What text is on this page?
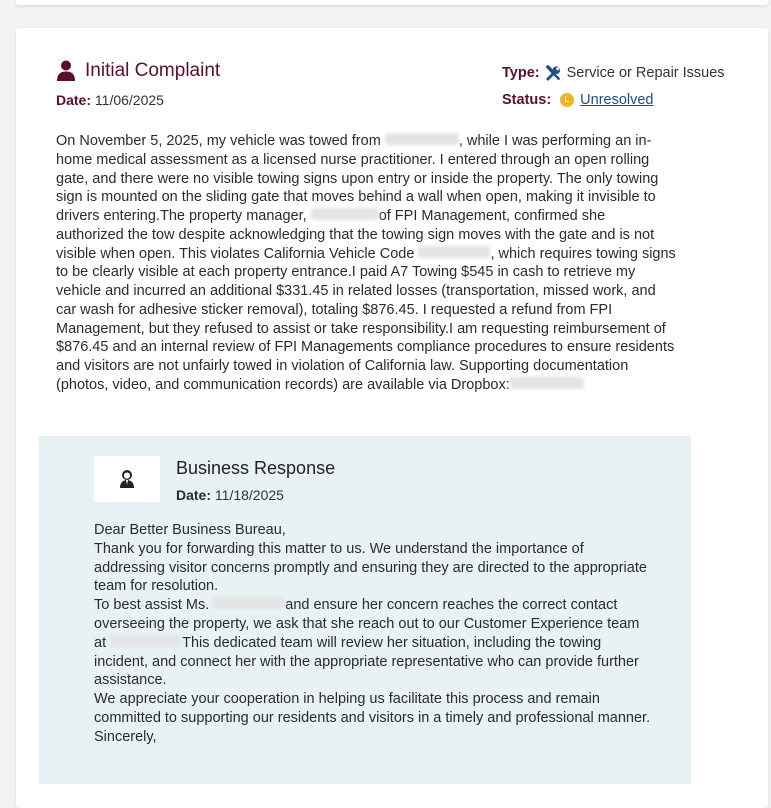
Initial Complaint
Date: 11/06/2025
Type: Service or Repair Issues
Status: Unresolved
On November 5, 2025, my vehicle was towed from	, while I was performing an in-home medical assessment as a licensed nurse practitioner. I entered through an open rolling gate, and there were no visible towing signs upon entry or inside the property. The only towing sign is mounted on the sliding gate that moves behind a wall when open, making it invisible to drivers entering.The property manager,	of FPI Management, confirmed she authorized the tow despite acknowledging that the towing sign moves with the gate and is not visible when open. This violates California Vehicle Code	, which requires towing signs to be clearly visible at each property entrance.I paid A7 Towing $545 in cash to retrieve my vehicle and incurred an additional $331.45 in related losses (transportation, missed work, and car wash for adhesive sticker removal), totaling $876.45. I requested a refund from FPI Management, but they refused to assist or take responsibility.I am requesting reimbursement of $876.45 and an internal review of FPI Managements compliance procedures to ensure residents and visitors are not unfairly towed in violation of California law. Supporting documentation (photos, video, and communication records) are available via Dropbox:
Business Response
Date: 11/18/2025

Dear Better Business Bureau,

Thank you for forwarding this matter to us. We understand the importance of addressing visitor concerns promptly and ensuring they are directed to the appropriate team for resolution.

To best assist Ms.	and ensure her concern reaches the correct contact overseeing the property, we ask that she reach out to our Customer Experience team at	This dedicated team will review her situation, including the towing incident, and connect her with the appropriate representative who can provide further assistance.

We appreciate your cooperation in helping us facilitate this process and remain committed to supporting our residents and visitors in a timely and professional manner.

Sincerely,
